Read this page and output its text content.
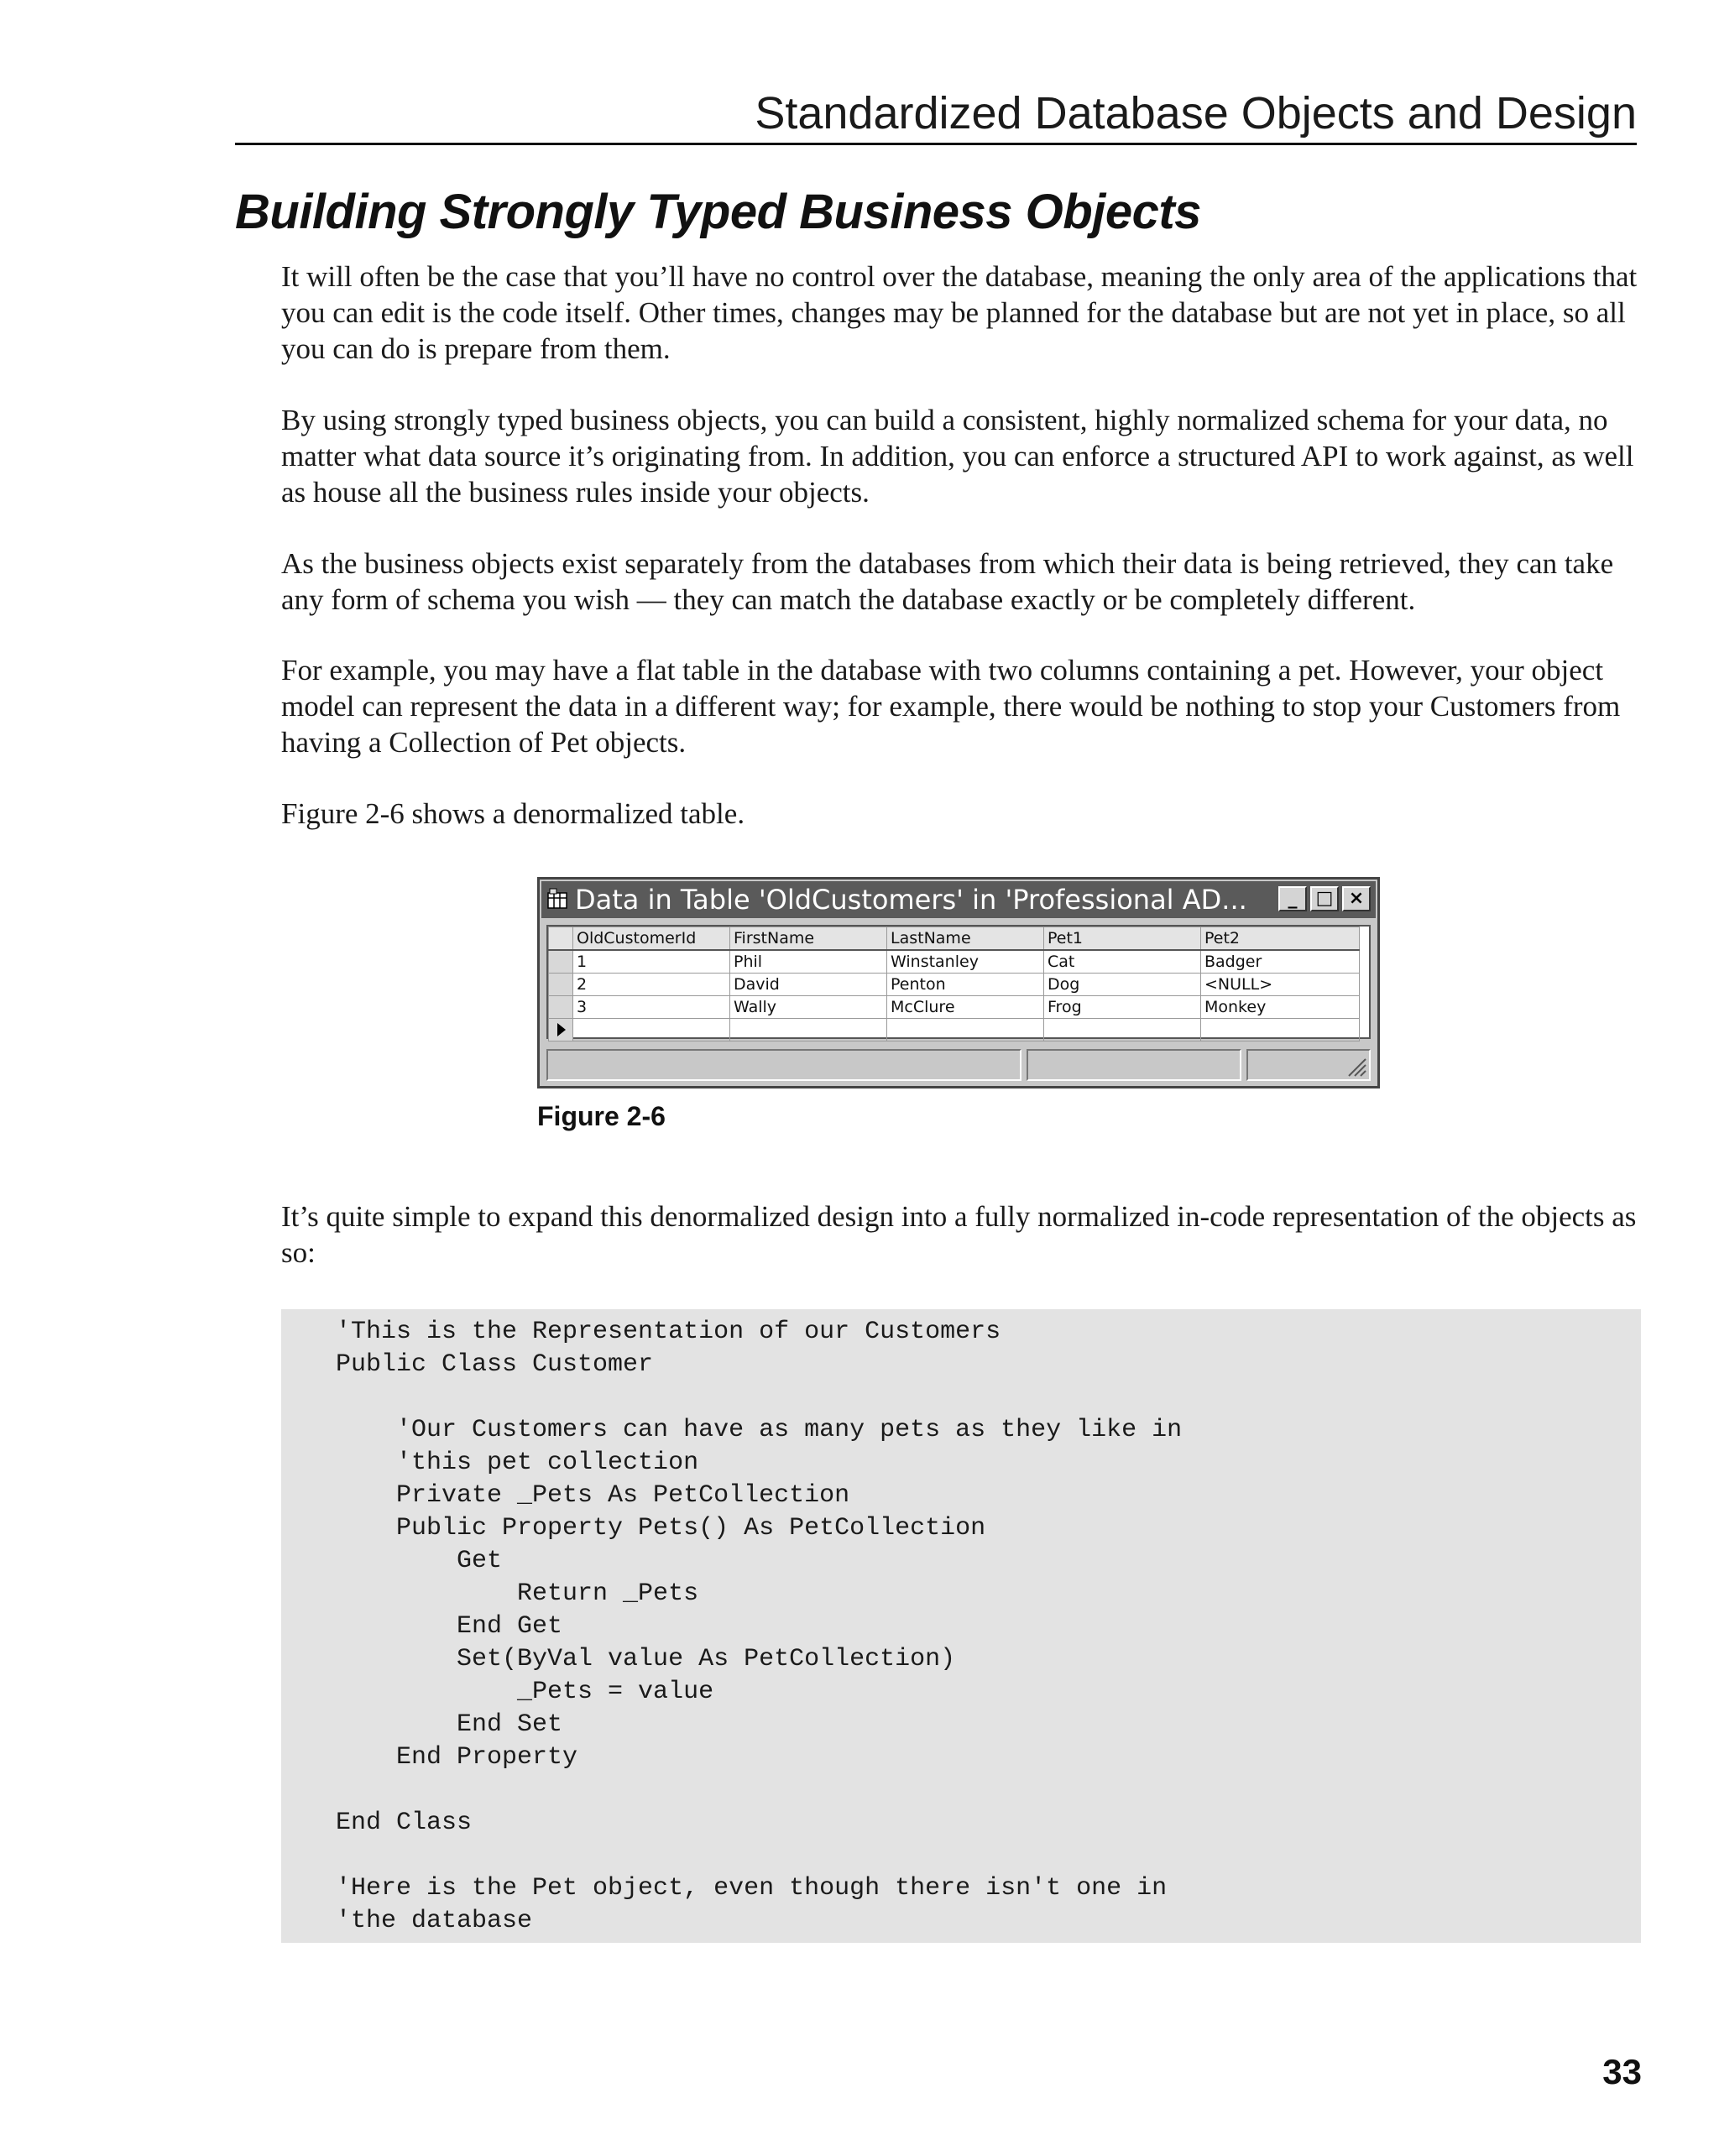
Standardized Database Objects and Design
Building Strongly Typed Business Objects

It will often be the case that you’ll have no control over the database, meaning the only area of the applications that you can edit is the code itself. Other times, changes may be planned for the database but are not yet in place, so all you can do is prepare from them.

By using strongly typed business objects, you can build a consistent, highly normalized schema for your data, no matter what data source it’s originating from. In addition, you can enforce a structured API to work against, as well as house all the business rules inside your objects.

As the business objects exist separately from the databases from which their data is being retrieved, they can take any form of schema you wish — they can match the database exactly or be completely different.

For example, you may have a flat table in the database with two columns containing a pet. However, your object model can represent the data in a different way; for example, there would be nothing to stop your Customers from having a Collection of Pet objects.

Figure 2-6 shows a denormalized table.

Data in Table 'OldCustomers' in 'Professional AD...	_	□ ×
	OldCustomerId	FirstName	LastName	Pet1	Pet2
	1	Phil	Winstanley	Cat	Badger
	2	David	Penton	Dog	<NULL>
	3	Wally	McClure	Frog	Monkey

Figure 2-6

It’s quite simple to expand this denormalized design into a fully normalized in-code representation of the objects as so:

'This is the Representation of our Customers
Public Class Customer

'Our Customers can have as many pets as they like in
'this pet collection
Private _Pets As PetCollection
Public Property Pets() As PetCollection
Get
Return _Pets
End Get
Set(ByVal value As PetCollection)
_Pets = value
End Set
End Property

End Class

'Here is the Pet object, even though there isn't one in
'the database
33
